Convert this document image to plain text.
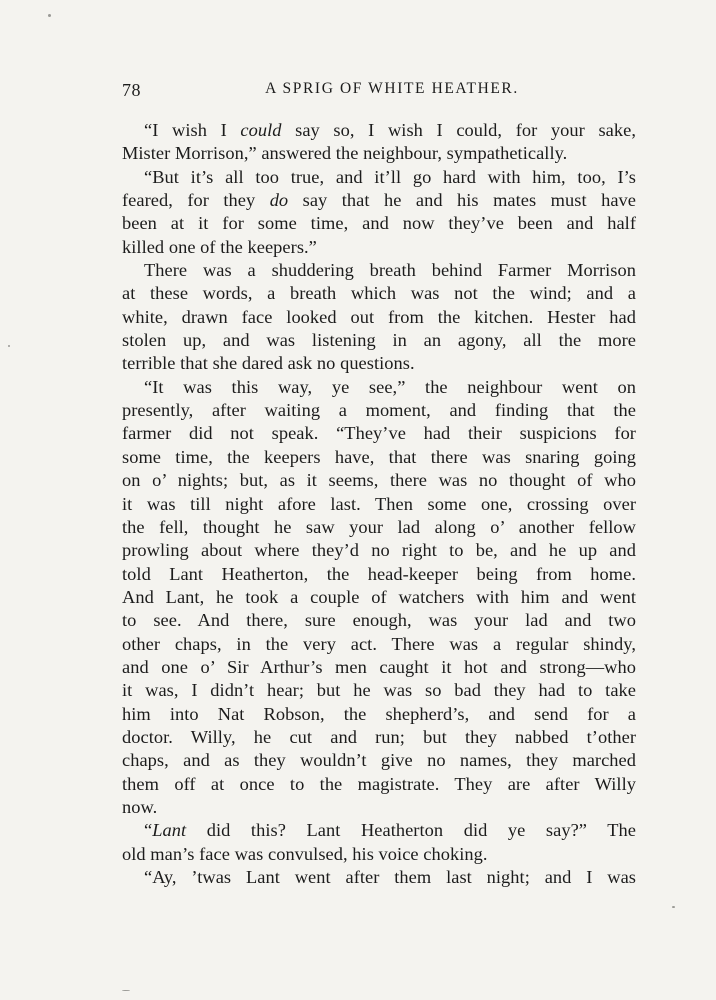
78	A SPRIG OF WHITE HEATHER.
“I wish I could say so, I wish I could, for your sake,
Mister Morrison,” answered the neighbour, sympathetically.
“But it’s all too true, and it’ll go hard with him, too, I’s
feared, for they do say that he and his mates must have
been at it for some time, and now they’ve been and half
killed one of the keepers.”
There was a shuddering breath behind Farmer Morrison
at these words, a breath which was not the wind; and a
white, drawn face looked out from the kitchen. Hester had
stolen up, and was listening in an agony, all the more
terrible that she dared ask no questions.
“It was this way, ye see,” the neighbour went on
presently, after waiting a moment, and finding that the
farmer did not speak. “They’ve had their suspicions for
some time, the keepers have, that there was snaring going
on o’ nights; but, as it seems, there was no thought of who
it was till night afore last. Then some one, crossing over
the fell, thought he saw your lad along o’ another fellow
prowling about where they’d no right to be, and he up and
told Lant Heatherton, the head-keeper being from home.
And Lant, he took a couple of watchers with him and went
to see. And there, sure enough, was your lad and two
other chaps, in the very act. There was a regular shindy,
and one o’ Sir Arthur’s men caught it hot and strong—who
it was, I didn’t hear; but he was so bad they had to take
him into Nat Robson, the shepherd’s, and send for a
doctor. Willy, he cut and run; but they nabbed t’other
chaps, and as they wouldn’t give no names, they marched
them off at once to the magistrate. They are after Willy
now.
“Lant did this? Lant Heatherton did ye say?” The
old man’s face was convulsed, his voice choking.
“Ay, ’twas Lant went after them last night; and I was
